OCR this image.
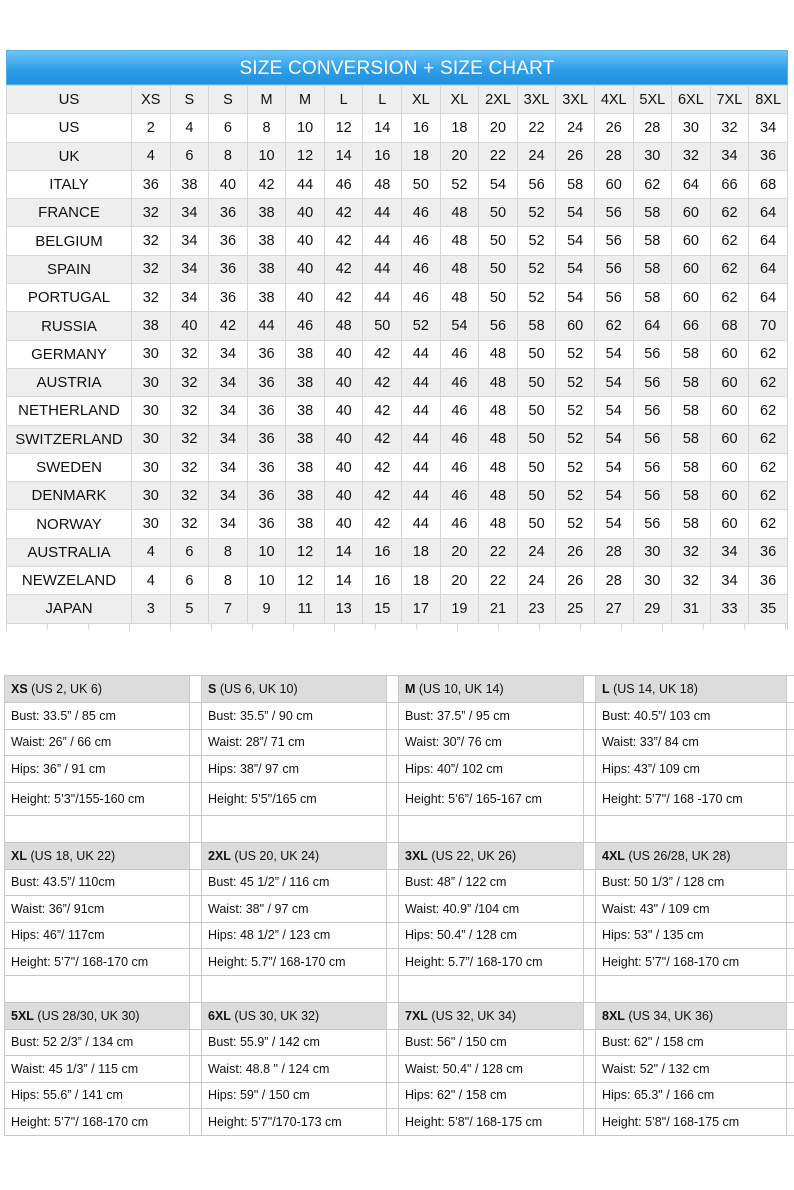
SIZE CONVERSION + SIZE CHART
US	XS	S	S	M	M	L	L	XL	XL	2XL	3XL	3XL	4XL	5XL	6XL	7XL	8XL
US	2	4	6	8	10	12	14	16	18	20	22	24	26	28	30	32	34
UK	4	6	8	10	12	14	16	18	20	22	24	26	28	30	32	34	36
ITALY	36	38	40	42	44	46	48	50	52	54	56	58	60	62	64	66	68
FRANCE	32	34	36	38	40	42	44	46	48	50	52	54	56	58	60	62	64
BELGIUM	32	34	36	38	40	42	44	46	48	50	52	54	56	58	60	62	64
SPAIN	32	34	36	38	40	42	44	46	48	50	52	54	56	58	60	62	64
PORTUGAL	32	34	36	38	40	42	44	46	48	50	52	54	56	58	60	62	64
RUSSIA	38	40	42	44	46	48	50	52	54	56	58	60	62	64	66	68	70
GERMANY	30	32	34	36	38	40	42	44	46	48	50	52	54	56	58	60	62
AUSTRIA	30	32	34	36	38	40	42	44	46	48	50	52	54	56	58	60	62
NETHERLAND	30	32	34	36	38	40	42	44	46	48	50	52	54	56	58	60	62
SWITZERLAND	30	32	34	36	38	40	42	44	46	48	50	52	54	56	58	60	62
SWEDEN	30	32	34	36	38	40	42	44	46	48	50	52	54	56	58	60	62
DENMARK	30	32	34	36	38	40	42	44	46	48	50	52	54	56	58	60	62
NORWAY	30	32	34	36	38	40	42	44	46	48	50	52	54	56	58	60	62
AUSTRALIA	4	6	8	10	12	14	16	18	20	22	24	26	28	30	32	34	36
NEWZELAND	4	6	8	10	12	14	16	18	20	22	24	26	28	30	32	34	36
JAPAN	3	5	7	9	11	13	15	17	19	21	23	25	27	29	31	33	35
XS (US 2, UK 6)		S (US 6, UK 10)		M (US 10, UK 14)		L (US 14, UK 18)	
Bust: 33.5” / 85 cm		Bust: 35.5” / 90 cm		Bust: 37.5” / 95 cm		Bust: 40.5”/ 103 cm	
Waist: 26” / 66 cm		Waist: 28”/ 71 cm		Waist: 30”/ 76 cm		Waist: 33”/ 84 cm	
Hips: 36” / 91 cm		Hips: 38”/ 97 cm		Hips: 40”/ 102 cm		Hips: 43”/ 109 cm	
Height: 5’3"/155-160 cm		Height: 5’5"/165 cm		Height: 5’6”/ 165-167 cm		Height: 5’7"/ 168 -170 cm	

XL (US 18, UK 22)		2XL (US 20, UK 24)		3XL (US 22, UK 26)		4XL (US 26/28, UK 28)	
Bust: 43.5”/ 110cm		Bust: 45 1/2” / 116 cm		Bust: 48” / 122 cm		Bust: 50 1/3” / 128 cm	
Waist: 36”/ 91cm		Waist: 38" / 97 cm		Waist: 40.9” /104 cm		Waist: 43" / 109 cm	
Hips: 46”/ 117cm		Hips: 48 1/2” / 123 cm		Hips: 50.4” / 128 cm		Hips: 53" / 135 cm	
Height: 5’7"/ 168-170 cm		Height: 5.7”/ 168-170 cm		Height: 5.7”/ 168-170 cm		Height: 5’7"/ 168-170 cm	

5XL (US 28/30, UK 30)		6XL (US 30, UK 32)		7XL (US 32, UK 34)		8XL (US 34, UK 36)	
Bust: 52 2/3” / 134 cm		Bust: 55.9” / 142 cm		Bust: 56" / 150 cm		Bust: 62" / 158 cm	
Waist: 45 1/3” / 115 cm		Waist: 48.8 " / 124 cm		Waist: 50.4" / 128 cm		Waist: 52" / 132 cm	
Hips: 55.6” / 141 cm		Hips: 59" / 150 cm		Hips: 62" / 158 cm		Hips: 65.3" / 166 cm	
Height: 5’7"/ 168-170 cm		Height: 5’7"/170-173 cm		Height: 5’8"/ 168-175 cm		Height: 5’8"/ 168-175 cm	
